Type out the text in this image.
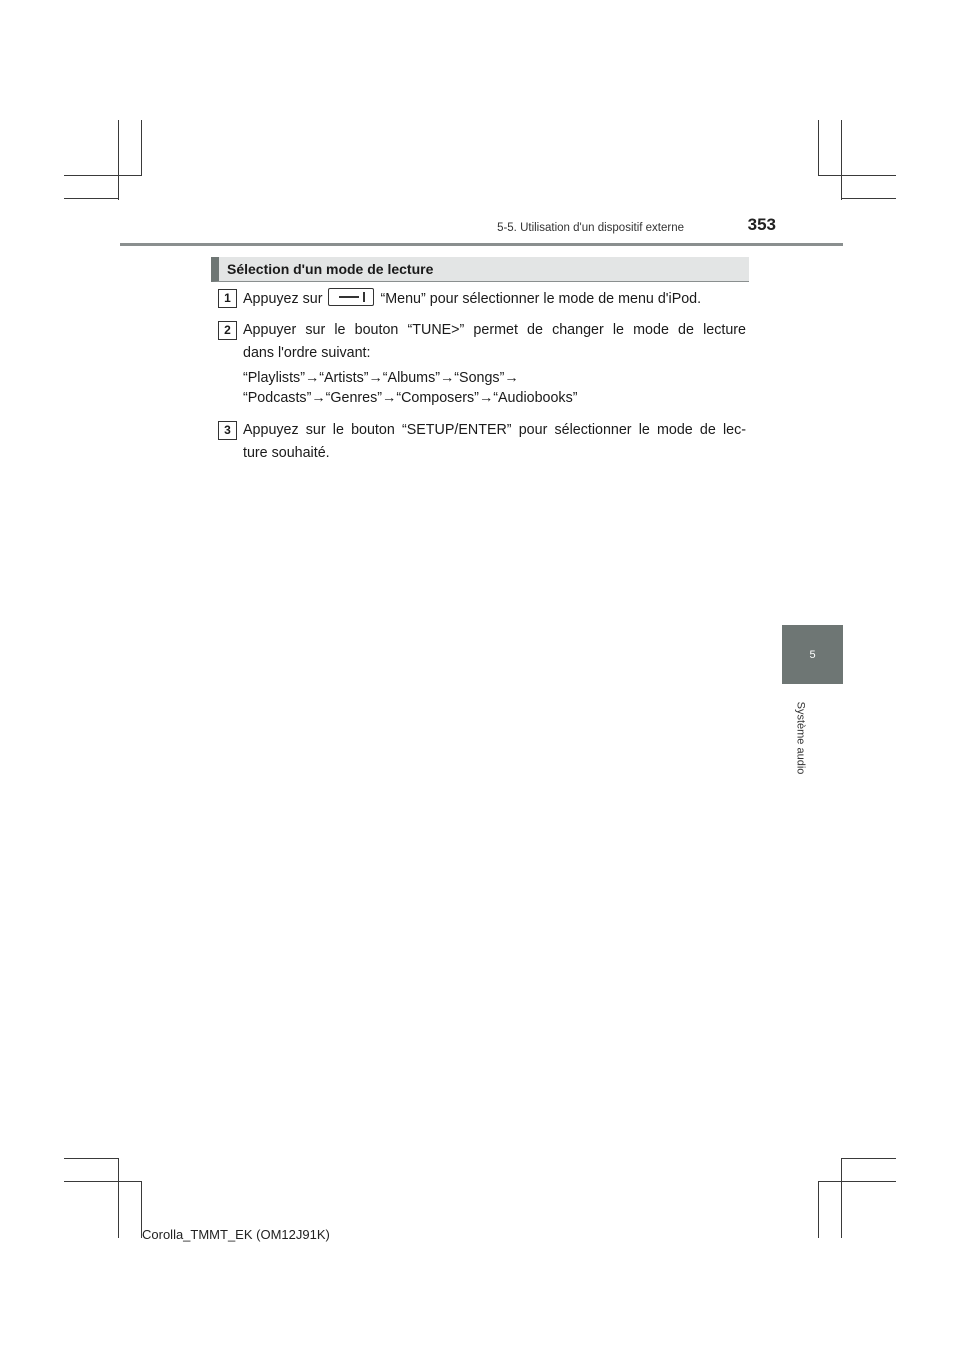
5-5. Utilisation d'un dispositif externe	353
5
Système audio
Sélection d'un mode de lecture
1 Appuyez sur	“Menu” pour sélectionner le mode de menu d'iPod.
2 Appuyer sur le bouton “TUNE>” permet de changer le mode de lecture
dans l'ordre suivant:
“Playlists”→“Artists”→“Albums”→“Songs”→
“Podcasts”→“Genres”→“Composers”→“Audiobooks”
3 Appuyez sur le bouton “SETUP/ENTER” pour sélectionner le mode de lec-
ture souhaité.
Corolla_TMMT_EK (OM12J91K)
